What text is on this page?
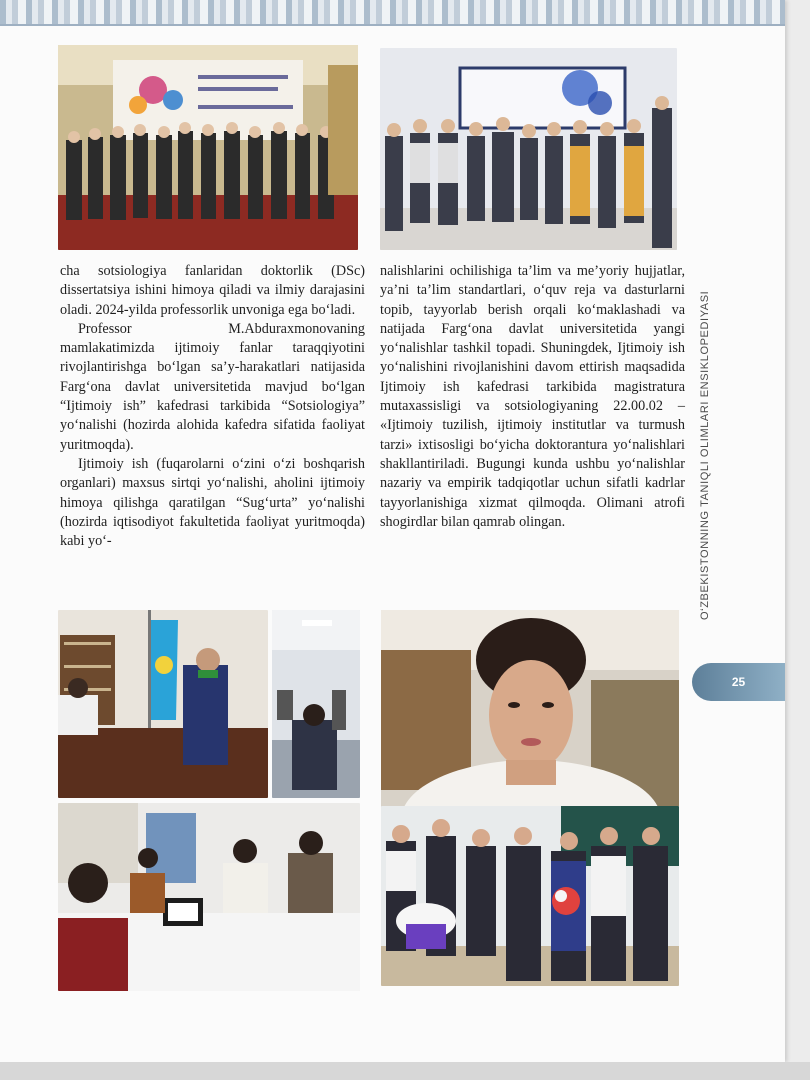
cha sotsiologiya fanlaridan doktorlik (DSc) dissertatsiya ishini himoya qiladi va ilmiy darajasini oladi. 2024-yilda professorlik unvoniga ega bo‘ladi.

Professor M.Abduraxmonovaning mamlakatimizda ijtimoiy fanlar taraqqiyotini rivojlantirishga bo‘lgan sa’y-harakatlari natijasida Farg‘ona davlat universitetida mavjud bo‘lgan “Ijtimoiy ish” kafedrasi tarkibida “Sotsiologiya” yo‘nalishi (hozirda alohida kafedra sifatida faoliyat yuritmoqda).

Ijtimoiy ish (fuqarolarni o‘zini o‘zi boshqarish organlari) maxsus sirtqi yo‘nalishi, aholini ijtimoiy himoya qilishga qaratilgan “Sug‘urta” yo‘nalishi (hozirda iqtisodiyot fakultetida faoliyat yuritmoqda) kabi yo‘-

nalishlarini ochilishiga ta’lim va me’yoriy hujjatlar, ya’ni ta’lim standartlari, o‘quv reja va dasturlarni topib, tayyorlab berish orqali ko‘maklashadi va natijada Farg‘ona davlat universitetida yangi yo‘nalishlar tashkil topadi. Shuningdek, Ijtimoiy ish yo‘nalishini rivojlanishini davom ettirish maqsadida Ijtimoiy ish kafedrasi tarkibida magistratura mutaxassisligi va sotsiologiyaning 22.00.02 – «Ijtimoiy tuzilish, ijtimoiy institutlar va turmush tarzi» ixtisosligi bo‘yicha doktorantura yo‘nalishlari shakllantiriladi. Bugungi kunda ushbu yo‘nalishlar nazariy va empirik tadqiqotlar uchun sifatli kadrlar tayyorlanishiga xizmat qilmoqda. Olimani atrofi shogirdlar bilan qamrab olingan.	O‘ZBEKISTONNING TANIQLI OLIMLARI ENSIKLOPEDIYASI
25
